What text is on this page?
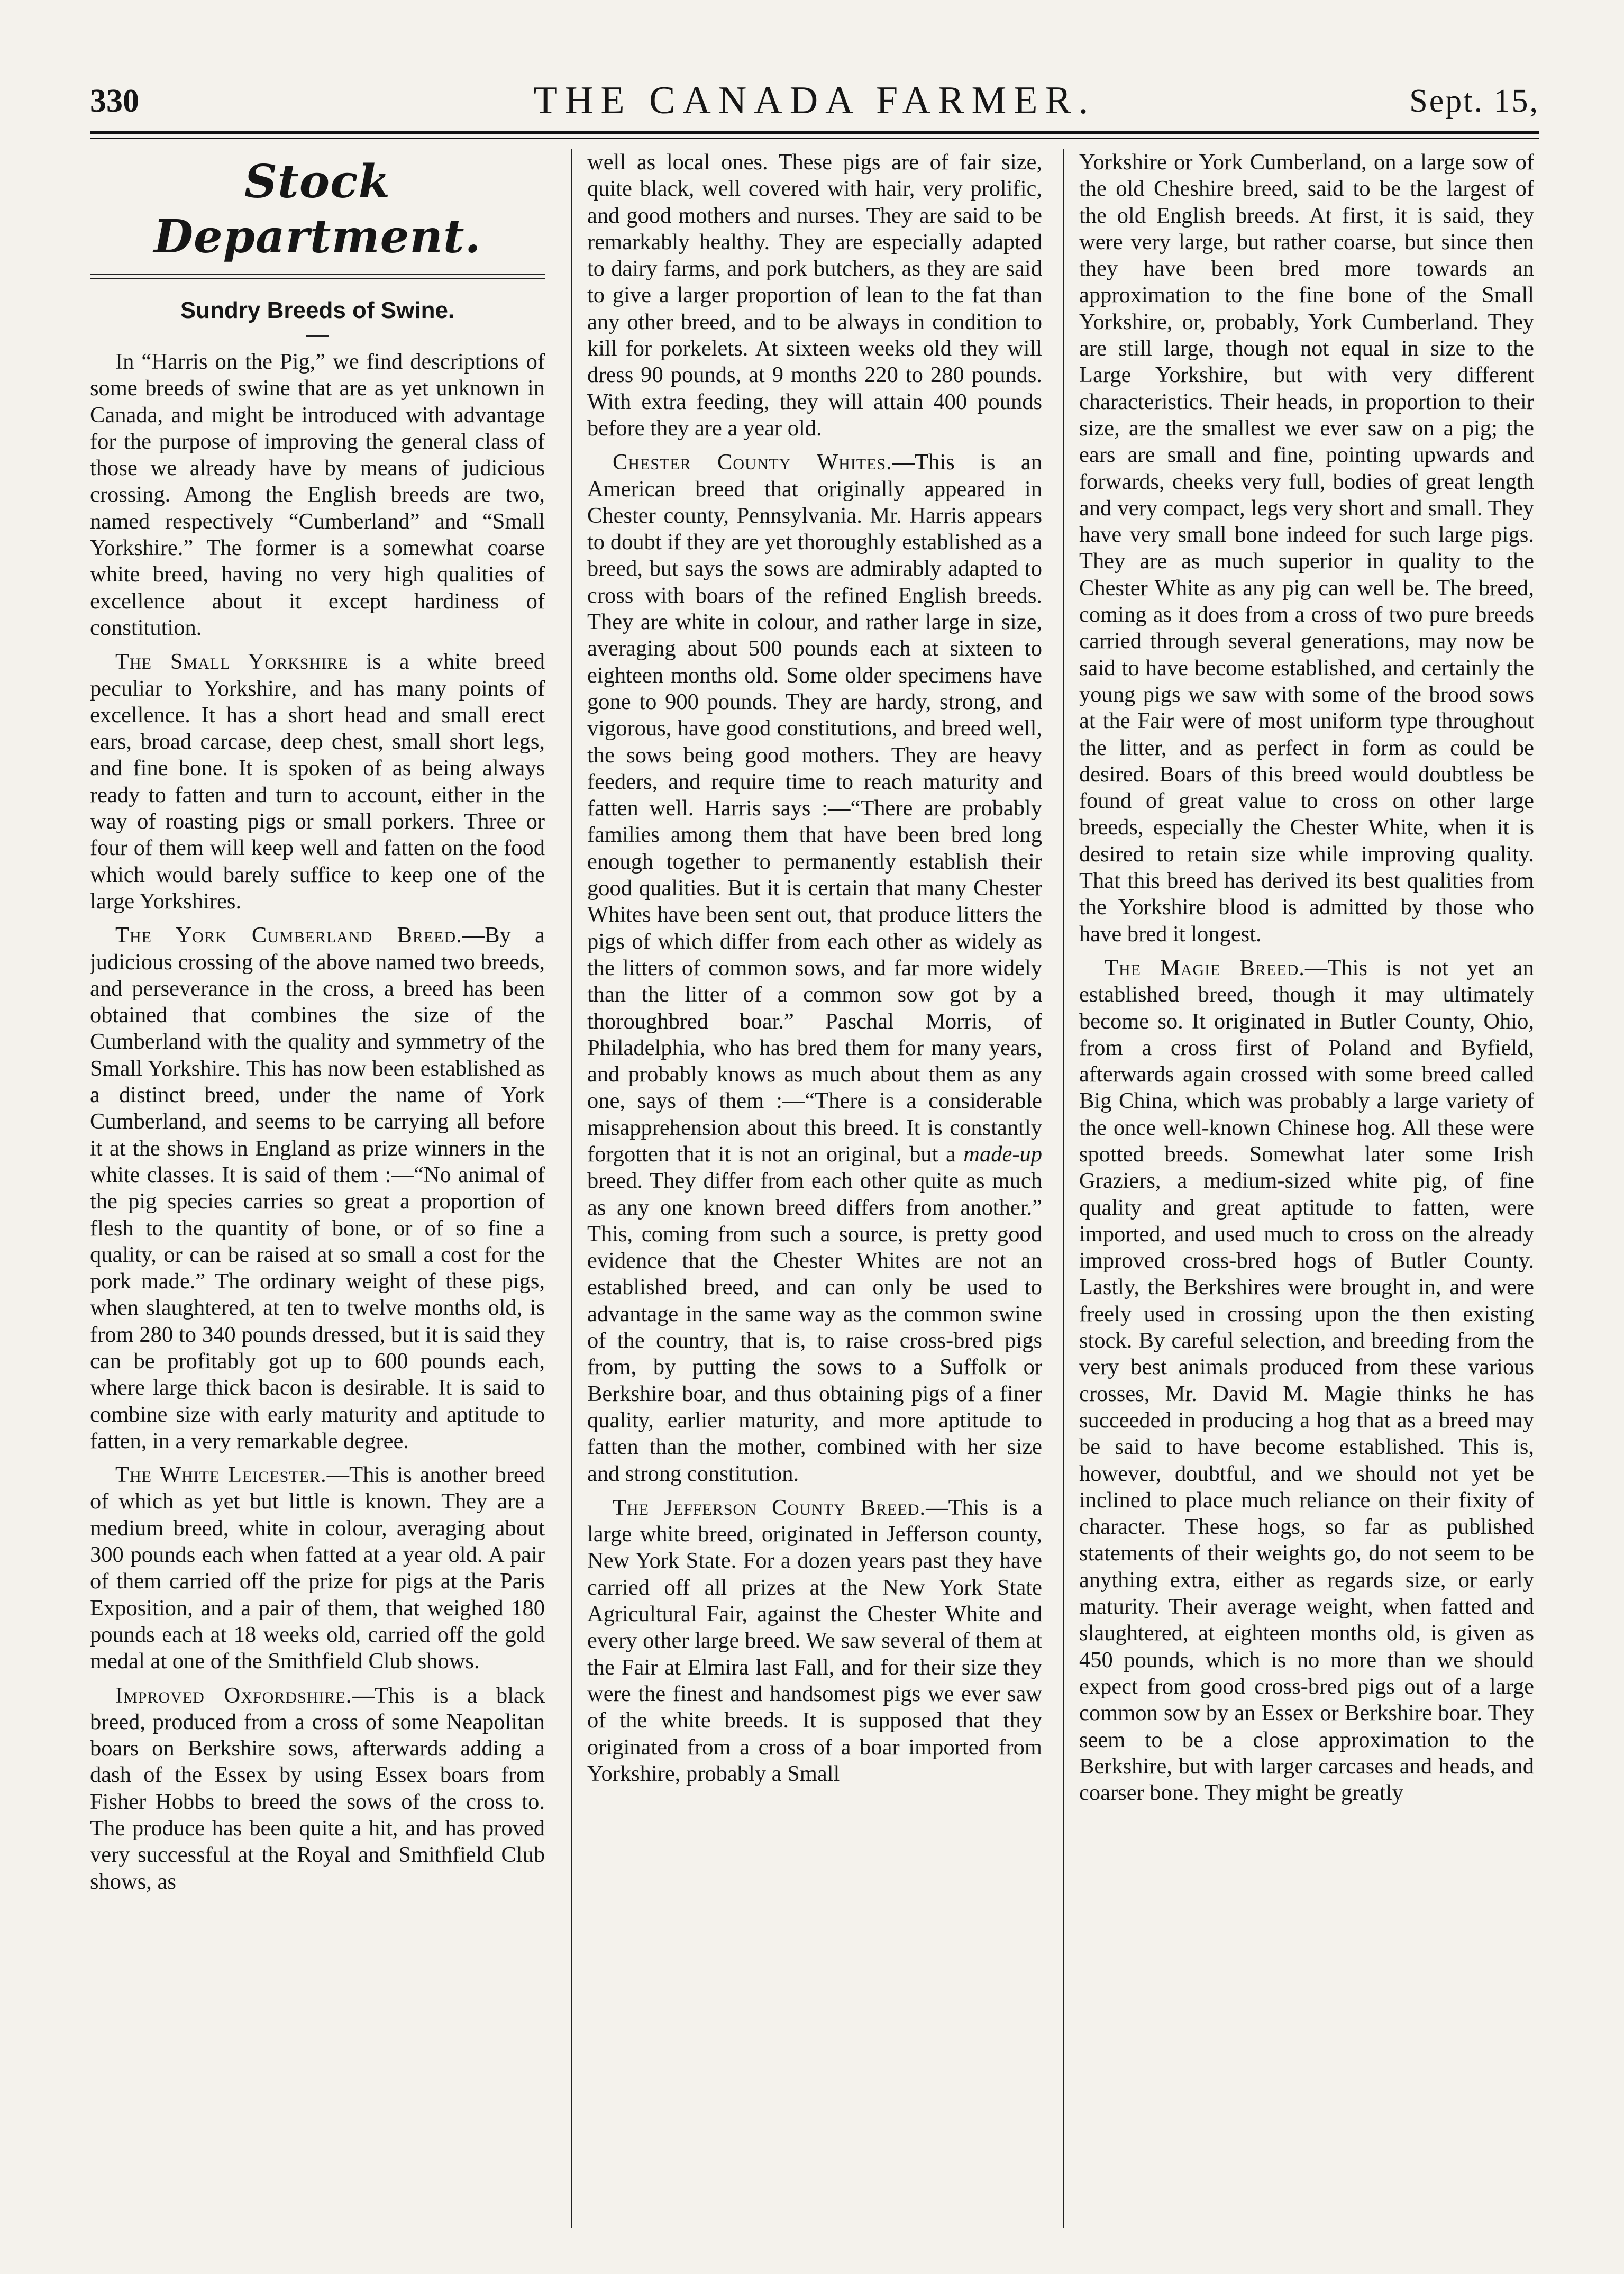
330	THE CANADA FARMER.	Sept. 15,
Stock Department.
Sundry Breeds of Swine.

In “Harris on the Pig,” we find descriptions of some breeds of swine that are as yet unknown in Canada, and might be introduced with advantage for the purpose of improving the general class of those we already have by means of judicious crossing. Among the English breeds are two, named respectively “Cumberland” and “Small Yorkshire.” The former is a somewhat coarse white breed, having no very high qualities of excellence about it except hardiness of constitution.

The Small Yorkshire is a white breed peculiar to Yorkshire, and has many points of excellence. It has a short head and small erect ears, broad carcase, deep chest, small short legs, and fine bone. It is spoken of as being always ready to fatten and turn to account, either in the way of roasting pigs or small porkers. Three or four of them will keep well and fatten on the food which would barely suffice to keep one of the large Yorkshires.

The York Cumberland Breed.—By a judicious crossing of the above named two breeds, and perseverance in the cross, a breed has been obtained that combines the size of the Cumberland with the quality and symmetry of the Small Yorkshire. This has now been established as a distinct breed, under the name of York Cumberland, and seems to be carrying all before it at the shows in England as prize winners in the white classes. It is said of them :—“No animal of the pig species carries so great a proportion of flesh to the quantity of bone, or of so fine a quality, or can be raised at so small a cost for the pork made.” The ordinary weight of these pigs, when slaughtered, at ten to twelve months old, is from 280 to 340 pounds dressed, but it is said they can be profitably got up to 600 pounds each, where large thick bacon is desirable. It is said to combine size with early maturity and aptitude to fatten, in a very remarkable degree.

The White Leicester.—This is another breed of which as yet but little is known. They are a medium breed, white in colour, averaging about 300 pounds each when fatted at a year old. A pair of them carried off the prize for pigs at the Paris Exposition, and a pair of them, that weighed 180 pounds each at 18 weeks old, carried off the gold medal at one of the Smithfield Club shows.

Improved Oxfordshire.—This is a black breed, produced from a cross of some Neapolitan boars on Berkshire sows, afterwards adding a dash of the Essex by using Essex boars from Fisher Hobbs to breed the sows of the cross to. The produce has been quite a hit, and has proved very successful at the Royal and Smithfield Club shows, as

well as local ones. These pigs are of fair size, quite black, well covered with hair, very prolific, and good mothers and nurses. They are said to be remarkably healthy. They are especially adapted to dairy farms, and pork butchers, as they are said to give a larger proportion of lean to the fat than any other breed, and to be always in condition to kill for porkelets. At sixteen weeks old they will dress 90 pounds, at 9 months 220 to 280 pounds. With extra feeding, they will attain 400 pounds before they are a year old.

Chester County Whites.—This is an American breed that originally appeared in Chester county, Pennsylvania. Mr. Harris appears to doubt if they are yet thoroughly established as a breed, but says the sows are admirably adapted to cross with boars of the refined English breeds. They are white in colour, and rather large in size, averaging about 500 pounds each at sixteen to eighteen months old. Some older specimens have gone to 900 pounds. They are hardy, strong, and vigorous, have good constitutions, and breed well, the sows being good mothers. They are heavy feeders, and require time to reach maturity and fatten well. Harris says :—“There are probably families among them that have been bred long enough together to permanently establish their good qualities. But it is certain that many Chester Whites have been sent out, that produce litters the pigs of which differ from each other as widely as the litters of common sows, and far more widely than the litter of a common sow got by a thoroughbred boar.” Paschal Morris, of Philadelphia, who has bred them for many years, and probably knows as much about them as any one, says of them :—“There is a considerable misapprehension about this breed. It is constantly forgotten that it is not an original, but a made-up breed. They differ from each other quite as much as any one known breed differs from another.” This, coming from such a source, is pretty good evidence that the Chester Whites are not an established breed, and can only be used to advantage in the same way as the common swine of the country, that is, to raise cross-bred pigs from, by putting the sows to a Suffolk or Berkshire boar, and thus obtaining pigs of a finer quality, earlier maturity, and more aptitude to fatten than the mother, combined with her size and strong constitution.

The Jefferson County Breed.—This is a large white breed, originated in Jefferson county, New York State. For a dozen years past they have carried off all prizes at the New York State Agricultural Fair, against the Chester White and every other large breed. We saw several of them at the Fair at Elmira last Fall, and for their size they were the finest and handsomest pigs we ever saw of the white breeds. It is supposed that they originated from a cross of a boar imported from Yorkshire, probably a Small

Yorkshire or York Cumberland, on a large sow of the old Cheshire breed, said to be the largest of the old English breeds. At first, it is said, they were very large, but rather coarse, but since then they have been bred more towards an approximation to the fine bone of the Small Yorkshire, or, probably, York Cumberland. They are still large, though not equal in size to the Large Yorkshire, but with very different characteristics. Their heads, in proportion to their size, are the smallest we ever saw on a pig; the ears are small and fine, pointing upwards and forwards, cheeks very full, bodies of great length and very compact, legs very short and small. They have very small bone indeed for such large pigs. They are as much superior in quality to the Chester White as any pig can well be. The breed, coming as it does from a cross of two pure breeds carried through several generations, may now be said to have become established, and certainly the young pigs we saw with some of the brood sows at the Fair were of most uniform type throughout the litter, and as perfect in form as could be desired. Boars of this breed would doubtless be found of great value to cross on other large breeds, especially the Chester White, when it is desired to retain size while improving quality. That this breed has derived its best qualities from the Yorkshire blood is admitted by those who have bred it longest.

The Magie Breed.—This is not yet an established breed, though it may ultimately become so. It originated in Butler County, Ohio, from a cross first of Poland and Byfield, afterwards again crossed with some breed called Big China, which was probably a large variety of the once well-known Chinese hog. All these were spotted breeds. Somewhat later some Irish Graziers, a medium-sized white pig, of fine quality and great aptitude to fatten, were imported, and used much to cross on the already improved cross-bred hogs of Butler County. Lastly, the Berkshires were brought in, and were freely used in crossing upon the then existing stock. By careful selection, and breeding from the very best animals produced from these various crosses, Mr. David M. Magie thinks he has succeeded in producing a hog that as a breed may be said to have become established. This is, however, doubtful, and we should not yet be inclined to place much reliance on their fixity of character. These hogs, so far as published statements of their weights go, do not seem to be anything extra, either as regards size, or early maturity. Their average weight, when fatted and slaughtered, at eighteen months old, is given as 450 pounds, which is no more than we should expect from good cross-bred pigs out of a large common sow by an Essex or Berkshire boar. They seem to be a close approximation to the Berkshire, but with larger carcases and heads, and coarser bone. They might be greatly
